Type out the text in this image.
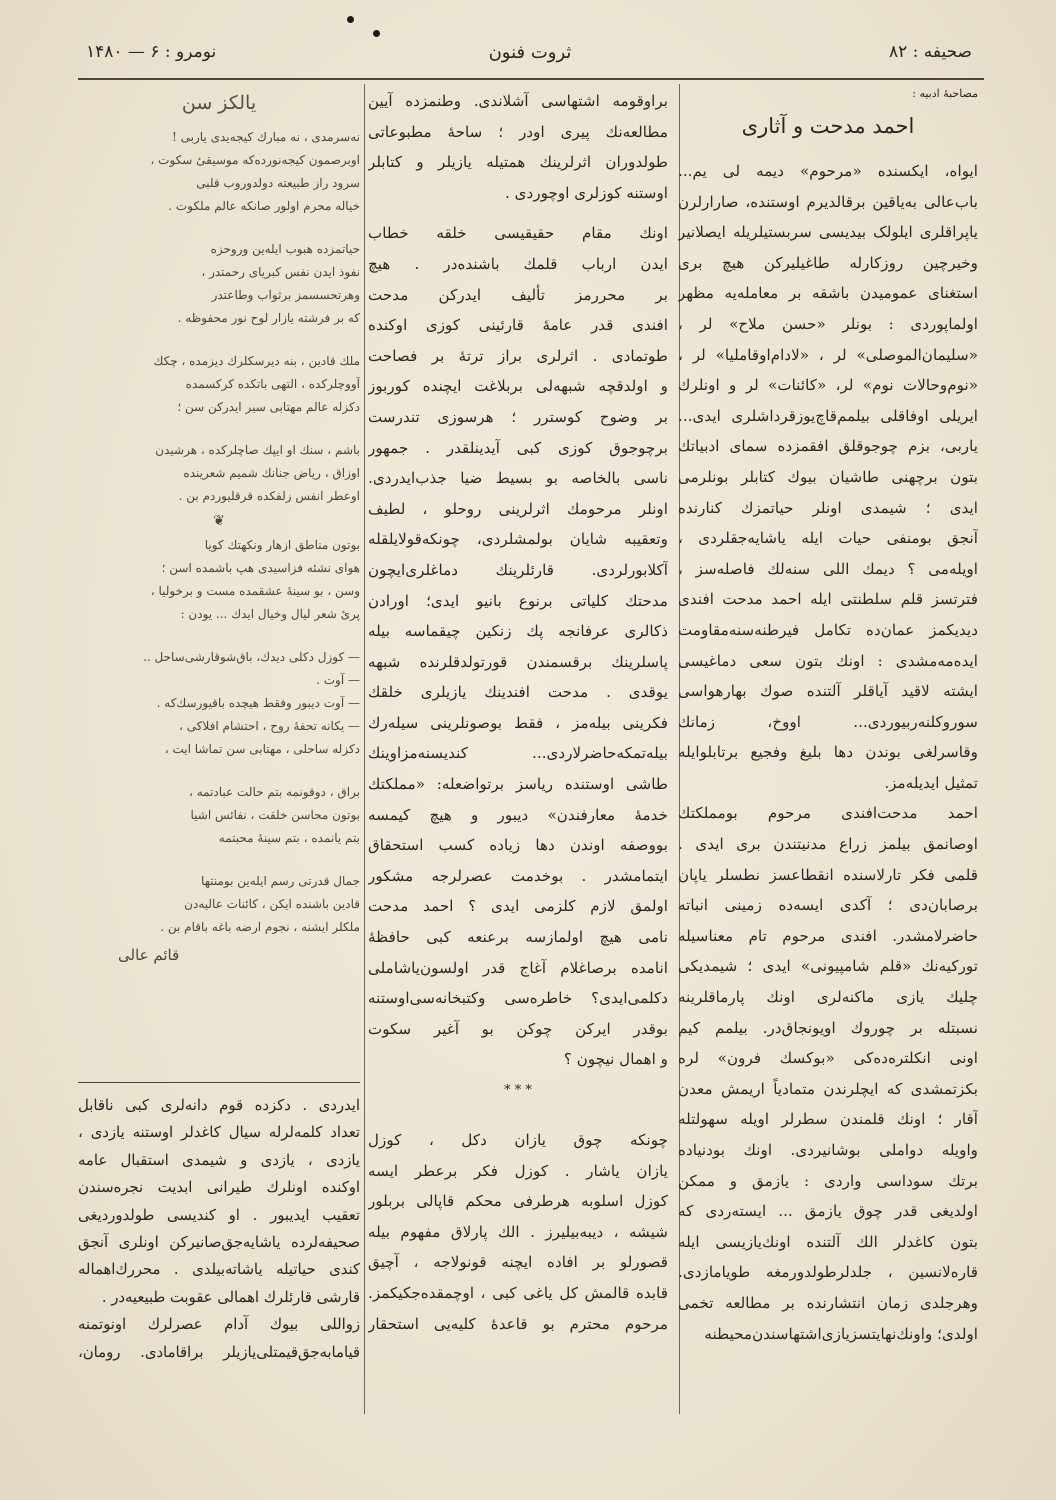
صحیفه : ۸۲
ثروت فنون
نومرو : ۶ — ۱۴۸۰
مصاحبهٔ ادبیه :
احمد مدحت و آثاری

ایواه، ایکسنده «مرحوم» دیمه لی یم...

باب‌عالی به‌یاقین برقالدیرم اوستنده، صارارلرن

یاپراقلری ایلولک بیدیسی سربستیلریله ایصلانیر

وخیرچین روزکارله طاغیلیرکن هیچ بری

استغنای عمومیدن باشقه بر معامله‌یه مظهر

اولماپوردی : بونلر «حسن ملاح» لر ،

«سلیمان‌الموصلی» لر ، «لادام‌اوقاملیا» لر ،

«نوم‌وحالات نوم» لر، «کائنات» لر و اونلرك

ایریلی اوفاقلی بیلمم‌قاچ‌یوزقرداشلری ایدی...

یاربی، بزم چوجوقلق افقمزده سمای ادبیاتك

بتون برچهنی طاشیان بیوك کتابلر بونلرمی

ایدی ؛ شیمدی اونلر حیاتمزك کنارنده

آنجق بومنفی حیات ایله یاشایه‌جقلردی ،

اویله‌می ؟ دیمك اللی سنه‌لك فاصله‌سز ،

فترتسز قلم سلطنتی ایله احمد مدحت افندی

دیدیکمز عمان‌ده تکامل فیرطنه‌سنه‌مقاومت

ایده‌مه‌مشدی : اونك بتون سعی دماغیسی

ایشته لاقید آیاقلر آلتنده صوك بهارهواسی

سوروکلنه‌ربیوردی... اووخ، زمانك

وقاسرلغی بوندن دها بلیغ وفجیع برتابلوایله

تمثیل ایدیله‌مز.

احمد مدحت‌افندی مرحوم بومملکتك

اوصانمق بیلمز زراع مدنیتندن بری ایدی .

قلمی فکر تارلاسنده انقطاعسز نطسلر یاپان

برصابان‌دی ؛ آکدی ایسه‌ده زمینی انباته

حاضرلامشدر. افندی مرحوم تام معناسیله

تورکیه‌نك «قلم شامپیونی» ایدی ؛ شیمدیکی

چلیك یازی ماکنه‌لری اونك پارماقلرینه

نسبتله بر چوروك اویونجاق‌در. بیلمم کیم

اونی انکلتره‌ده‌کی «بوکسك فرون» لره

بکزتمشدی که ایچلرندن متمادیاً اریمش معدن

آقار ؛ اونك قلمندن سطرلر اویله سهولتله

واویله دواملی بوشانیردی. اونك بودنیاده

برتك سوداسی واردی : یازمق و ممکن

اولدیغی قدر چوق یازمق ... ایسته‌ردی که

بتون کاغدلر الك آلتنده اونك‌یازیسی ایله

قاره‌لانسین ، جلدلرطولدورمغه طویامازدی.

وهرجلدی زمان انتشارنده بر مطالعه تخمی

اولدی؛ واونك‌نهایتسزیازی‌اشتهاسندن‌محیطنه

براوقومه اشتهاسی آشلاندی. وطنمزده آیین

مطالعه‌نك پیری اودر ؛ ساحهٔ مطبوعاتی

طولدوران اثرلرینك همتیله یازیلر و کتابلر

اوستنه کوزلری اوچوردی .

اونك مقام حقیقیسی خلقه خطاب

ایدن ارباب قلمك باشنده‌در . هیچ

بر محررمز تألیف ایدرکن مدحت

افندی قدر عامهٔ قارئینی کوزی اوکنده

طوتمادی . اثرلری براز ترتهٔ بر فصاحت

و اولدقچه شبهه‌لی بربلاغت ایچنده کوربوز

بر وضوح کوسترر ؛ هرسوزی تندرست

برچوجوق کوزی کبی آیدینلقدر . جمهور

ناسی بالخاصه بو بسیط ضیا جذب‌ایدردی.

اونلر مرحومك اثرلرینی روحلو ، لطیف

وتعقیبه شایان بولمشلردی، چونکه‌قولایلقله

آکلابورلردی. قارئلرینك دماغلری‌ایچون

مدحتك کلیاتی برنوع بانیو ایدی؛ اورادن

ذکالری عرفانجه پك زنکین چیقماسه بیله

پاسلرینك برقسمندن قورتولدقلرنده شبهه

یوقدی . مدحت افندینك یازیلری خلقك

فکرینی بیله‌مز ، فقط بوصونلرینی سیله‌رك

بیله‌تمکه‌حاضرلاردی... کندیسنه‌مزاوینك

طاشی اوستنده ریاسز برتواضعله: «مملکتك

خدمهٔ معارفندن» دیبور و هیچ کیمسه

بووصفه اوندن دها زیاده کسب استحقاق

ایتمامشدر . بوخدمت عصرلرجه مشکور

اولمق لازم کلزمی ایدی ؟ احمد مدحت

نامی هیچ اولمازسه برعنعه کبی حافظهٔ

انامده برصاغلام آغاج قدر اولسون‌یاشاملی

دکلمی‌ایدی؟ خاطره‌سی وکتبخانه‌سی‌اوستنه

بوقدر ایرکن چوکن بو آغیر سکوت

و اهمال نیچون ؟

* * *

چونکه چوق یازان دکل ، کوزل

یازان یاشار . کوزل فکر برعطر ایسه

کوزل اسلوبه هرطرفی محکم قاپالی بربلور

شیشه ، دیبه‌بیلیرز . الك پارلاق مفهوم بیله

قصورلو بر افاده ایچنه قونولاجه ، آچیق

قابده قالمش کل یاغی کبی ، اوچمقده‌جکیکمز.

مرحوم محترم بو قاعدهٔ کلیه‌یی استحقار

یالکز سن

نه‌سرمدی ، نه مبارك کیجه‌یدی یاربی !

اوبرصمون کیجه‌نورده‌که موسیقیٔ سکوت ،

سرود راز طبیعته دولدوروب قلبی

خیاله محرم اولور صانکه عالم ملکوت .

حیاتمزده هبوب ایله‌ین وروحزه

نفوذ ایدن نفس کبریای رحمتدر ،

وهرتحسسمز برثواب وطاعتدر

که بر فرشته یازار لوح نور محفوظه .

ملك قادین ، بنه دیرسکلرك دیزمده ، چکك

آووچلرکده ، التهی باتکده کرکسمده

دکزله عالم مهتابی سیر ایدرکن سن ؛

باشم ، سنك او ایپك صاچلرکده ، هرشیدن

اوزاق ، ریاض جنانك شمیم شعرینده

اوعطر انفس زلفکده قرقلیوردم بن .

❦

بوتون مناطق ازهار ونکهتك کویا

هوای نشئه فزاسیدی هپ باشمده اسن ؛

وسن ، بو سینهٔ عشقمده مست و برخولیا ،

پریٔ شعر لیال وخیال ایدك ... یودن :

— کوزل دکلی دیدك، باق‌شوقارشی‌ساحل ..

— آوت .

— آوت دیبور وفقط هیچده باقیورسك‌که .

— یکانه تحفهٔ روح ، احتشام افلاکی ،

دکزله ساحلی ، مهتابی سن تماشا ایت ،

براق ، دوقونمه بتم حالت عبادتمه ،

بوتون محاسن خلقت ، نفائس اشیا

بتم یانمده ، بتم سینهٔ محبتمه

جمال قدرتی رسم ایله‌ین بومنتها

قادین باشنده ایکن ، کائنات عالیه‌دن

ملکلر ایشنه ، نجوم ارضه باغه باقام بن .

قائم عالی

ایدردی . دکزده قوم دانه‌لری کبی ناقابل

تعداد کلمه‌لرله سیال کاغدلر اوستنه یازدی ،

یازدی ، یازدی و شیمدی استقبال عامه

اوکنده اونلرك طیرانی ابدیت نجره‌سندن

تعقیب ایدیبور . او کندیسی طولدوردیغی

صحیفه‌لرده یاشایه‌جق‌صانیرکن اونلری آنجق

کندی حیاتیله یاشاته‌بیلدی . محررك‌اهماله

قارشی قارئلرك اهمالی عقوبت طبیعیه‌در .

زواللی بیوك آدام عصرلرك اونوتمنه

قیامابه‌جق‌قیمتلی‌یازیلر براقامادی. رومان،
